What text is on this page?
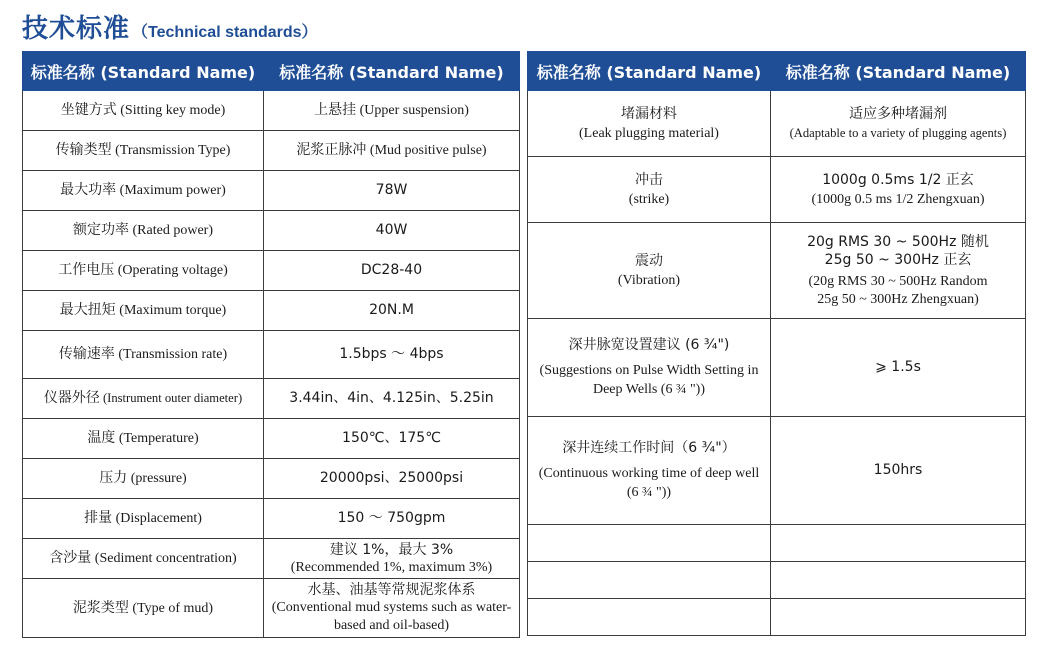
技术标准 （Technical standards）
标准名称 (Standard Name)	标准名称 (Standard Name)
坐键方式 (Sitting key mode)	上悬挂 (Upper suspension)
传输类型 (Transmission Type)	泥浆正脉冲 (Mud positive pulse)
最大功率 (Maximum power)	78W
额定功率 (Rated power)	40W
工作电压 (Operating voltage)	DC28-40
最大扭矩 (Maximum torque)	20N.M
传输速率 (Transmission rate)	1.5bps ～ 4bps
仪器外径 (Instrument outer diameter)	3.44in、4in、4.125in、5.25in
温度 (Temperature)	150℃、175℃
压力 (pressure)	20000psi、25000psi
排量 (Displacement)	150 ～ 750gpm
含沙量 (Sediment concentration)	建议 1%，最大 3%
(Recommended 1%, maximum 3%)

泥浆类型 (Type of mud)	水基、油基等常规泥浆体系
(Conventional mud systems such as water-based and oil-based)
标准名称 (Standard Name)	标准名称 (Standard Name)

堵漏材料
(Leak plugging material)	适应多种堵漏剂
(Adaptable to a variety of plugging agents)

冲击
(strike)	1000g 0.5ms 1/2 正玄
(1000g 0.5 ms 1/2 Zhengxuan)

震动
(Vibration)	20g RMS 30 ~ 500Hz 随机
25g 50 ~ 300Hz 正玄
(20g RMS 30 ~ 500Hz Random
25g 50 ~ 300Hz Zhengxuan)

深井脉宽设置建议 (6 ¾")
(Suggestions on Pulse Width Setting in Deep Wells (6 ¾ "))	⩾ 1.5s

深井连续工作时间（6 ¾"）
(Continuous working time of deep well (6 ¾ "))	150hrs
